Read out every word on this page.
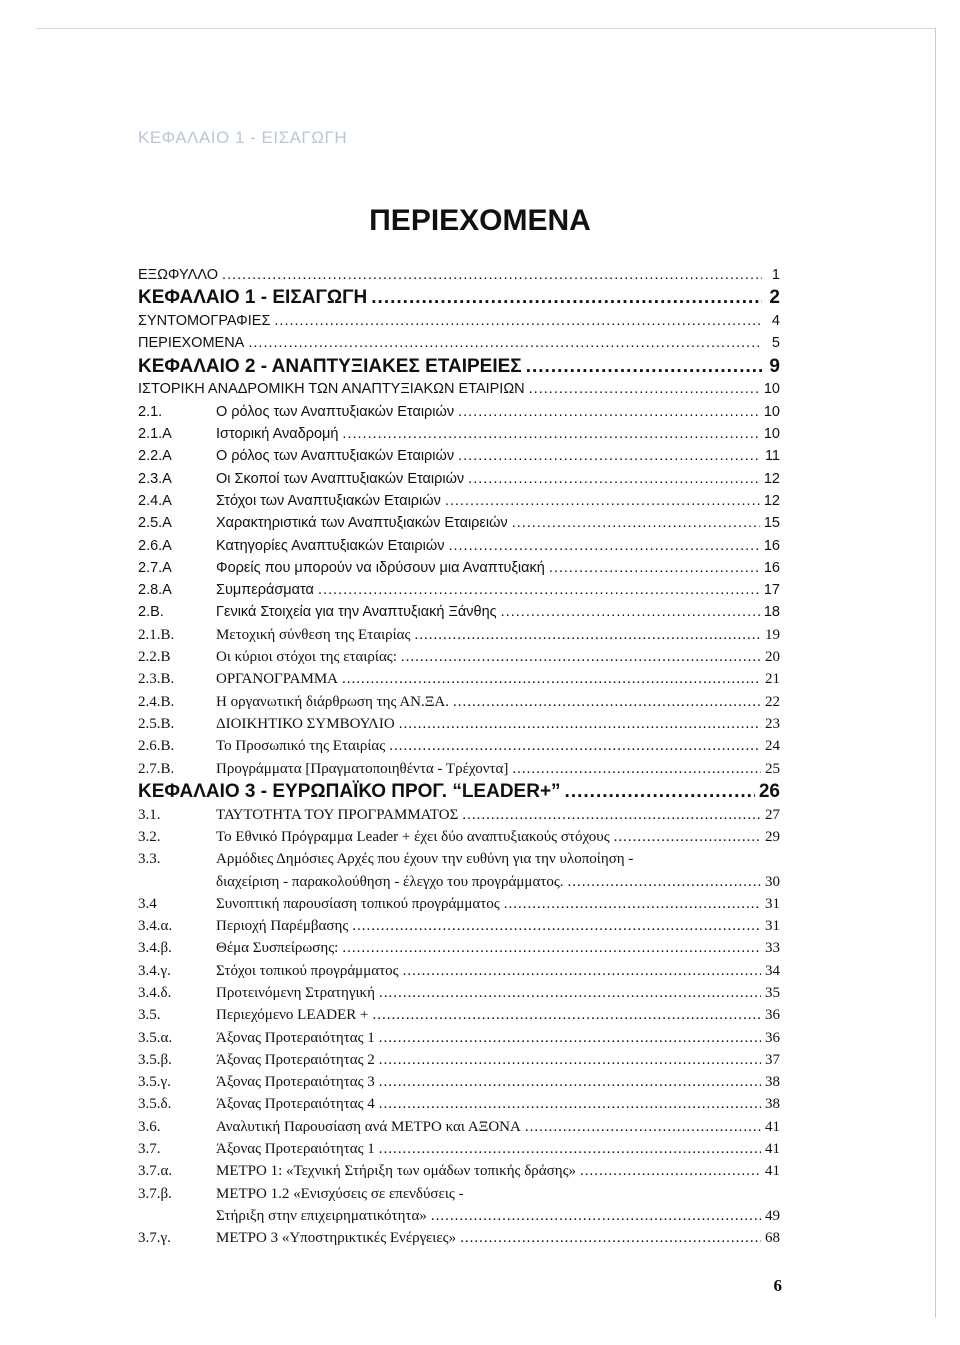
ΚΕΦΑΛΑΙΟ 1 - ΕΙΣΑΓΩΓΗ
ΠΕΡΙΕΧΟΜΕΝΑ
ΕΞΩΦΥΛΛΟ .....	1
ΚΕΦΑΛΑΙΟ 1 - ΕΙΣΑΓΩΓΗ .....	2
ΣΥΝΤΟΜΟΓΡΑΦΙΕΣ .....	4
ΠΕΡΙΕΧΟΜΕΝΑ .....	5
ΚΕΦΑΛΑΙΟ 2 - ΑΝΑΠΤΥΞΙΑΚΕΣ ΕΤΑΙΡΕΙΕΣ .....	9
ΙΣΤΟΡΙΚΗ ΑΝΑΔΡΟΜΙΚΗ ΤΩΝ ΑΝΑΠΤΥΞΙΑΚΩΝ ΕΤΑΙΡΙΩΝ .....	10
2.1.	Ο ρόλος των Αναπτυξιακών Εταιριών .....	10
2.1.Α	Ιστορική Αναδρομή .....	10
2.2.Α	Ο ρόλος των Αναπτυξιακών Εταιριών .....	11
2.3.Α	Οι Σκοποί των Αναπτυξιακών Εταιριών .....	12
2.4.Α	Στόχοι των Αναπτυξιακών Εταιριών .....	12
2.5.Α	Χαρακτηριστικά των Αναπτυξιακών Εταιρειών .....	15
2.6.Α	Κατηγορίες Αναπτυξιακών Εταιριών .....	16
2.7.Α	Φορείς που μπορούν να ιδρύσουν μια Αναπτυξιακή .....	16
2.8.Α	Συμπεράσματα .....	17
2.Β.	Γενικά Στοιχεία για την Αναπτυξιακή Ξάνθης .....	18
2.1.Β.	Μετοχική σύνθεση της Εταιρίας .....	19
2.2.Β	Οι κύριοι στόχοι της εταιρίας: .....	20
2.3.Β.	ΟΡΓΑΝΟΓΡΑΜΜΑ .....	21
2.4.Β.	Η οργανωτική διάρθρωση της ΑΝ.ΞΑ. .....	22
2.5.Β.	ΔΙΟΙΚΗΤΙΚΟ ΣΥΜΒΟΥΛΙΟ .....	23
2.6.Β.	Το Προσωπικό της Εταιρίας .....	24
2.7.Β.	Προγράμματα [Πραγματοποιηθέντα - Τρέχοντα] .....	25
ΚΕΦΑΛΑΙΟ 3 - ΕΥΡΩΠΑΪΚΟ ΠΡΟΓ. “LEADER+” .....	26
3.1.	ΤΑΥΤΟΤΗΤΑ ΤΟΥ ΠΡΟΓΡΑΜΜΑΤΟΣ .....	27
3.2.	Το Εθνικό Πρόγραμμα Leader + έχει δύο αναπτυξιακούς στόχους .....	29
3.3.	Αρμόδιες Δημόσιες Αρχές που έχουν την ευθύνη για την υλοποίηση -
διαχείριση - παρακολούθηση - έλεγχο του προγράμματος. .....	30
3.4	Συνοπτική παρουσίαση τοπικού προγράμματος .....	31
3.4.α.	Περιοχή Παρέμβασης .....	31
3.4.β.	Θέμα Συσπείρωσης: .....	33
3.4.γ.	Στόχοι τοπικού προγράμματος .....	34
3.4.δ.	Προτεινόμενη Στρατηγική .....	35
3.5.	Περιεχόμενο LEADER + .....	36
3.5.α.	Άξονας Προτεραιότητας 1 .....	36
3.5.β.	Άξονας Προτεραιότητας 2 .....	37
3.5.γ.	Άξονας Προτεραιότητας 3 .....	38
3.5.δ.	Άξονας Προτεραιότητας 4 .....	38
3.6.	Αναλυτική Παρουσίαση ανά ΜΕΤΡΟ και ΑΞΟΝΑ .....	41
3.7.	Άξονας Προτεραιότητας 1 .....	41
3.7.α.	ΜΕΤΡΟ 1: «Τεχνική Στήριξη των ομάδων τοπικής δράσης» .....	41
3.7.β.	ΜΕΤΡΟ 1.2 «Ενισχύσεις σε επενδύσεις -
Στήριξη στην επιχειρηματικότητα» .....	49
3.7.γ.	ΜΕΤΡΟ 3 «Υποστηρικτικές Ενέργειες» .....	68
6
